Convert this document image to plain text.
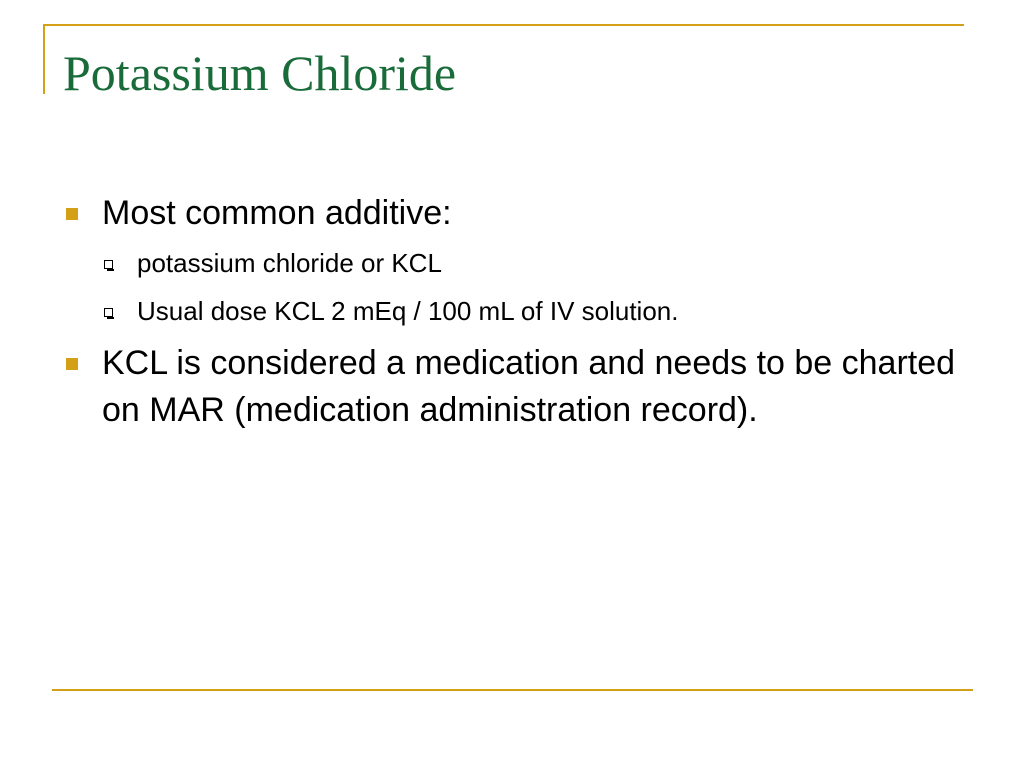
Potassium Chloride
Most common additive:
potassium chloride or KCL
Usual dose KCL 2 mEq / 100 mL of IV solution.
KCL is considered a medication and needs to be charted on MAR (medication administration record).
